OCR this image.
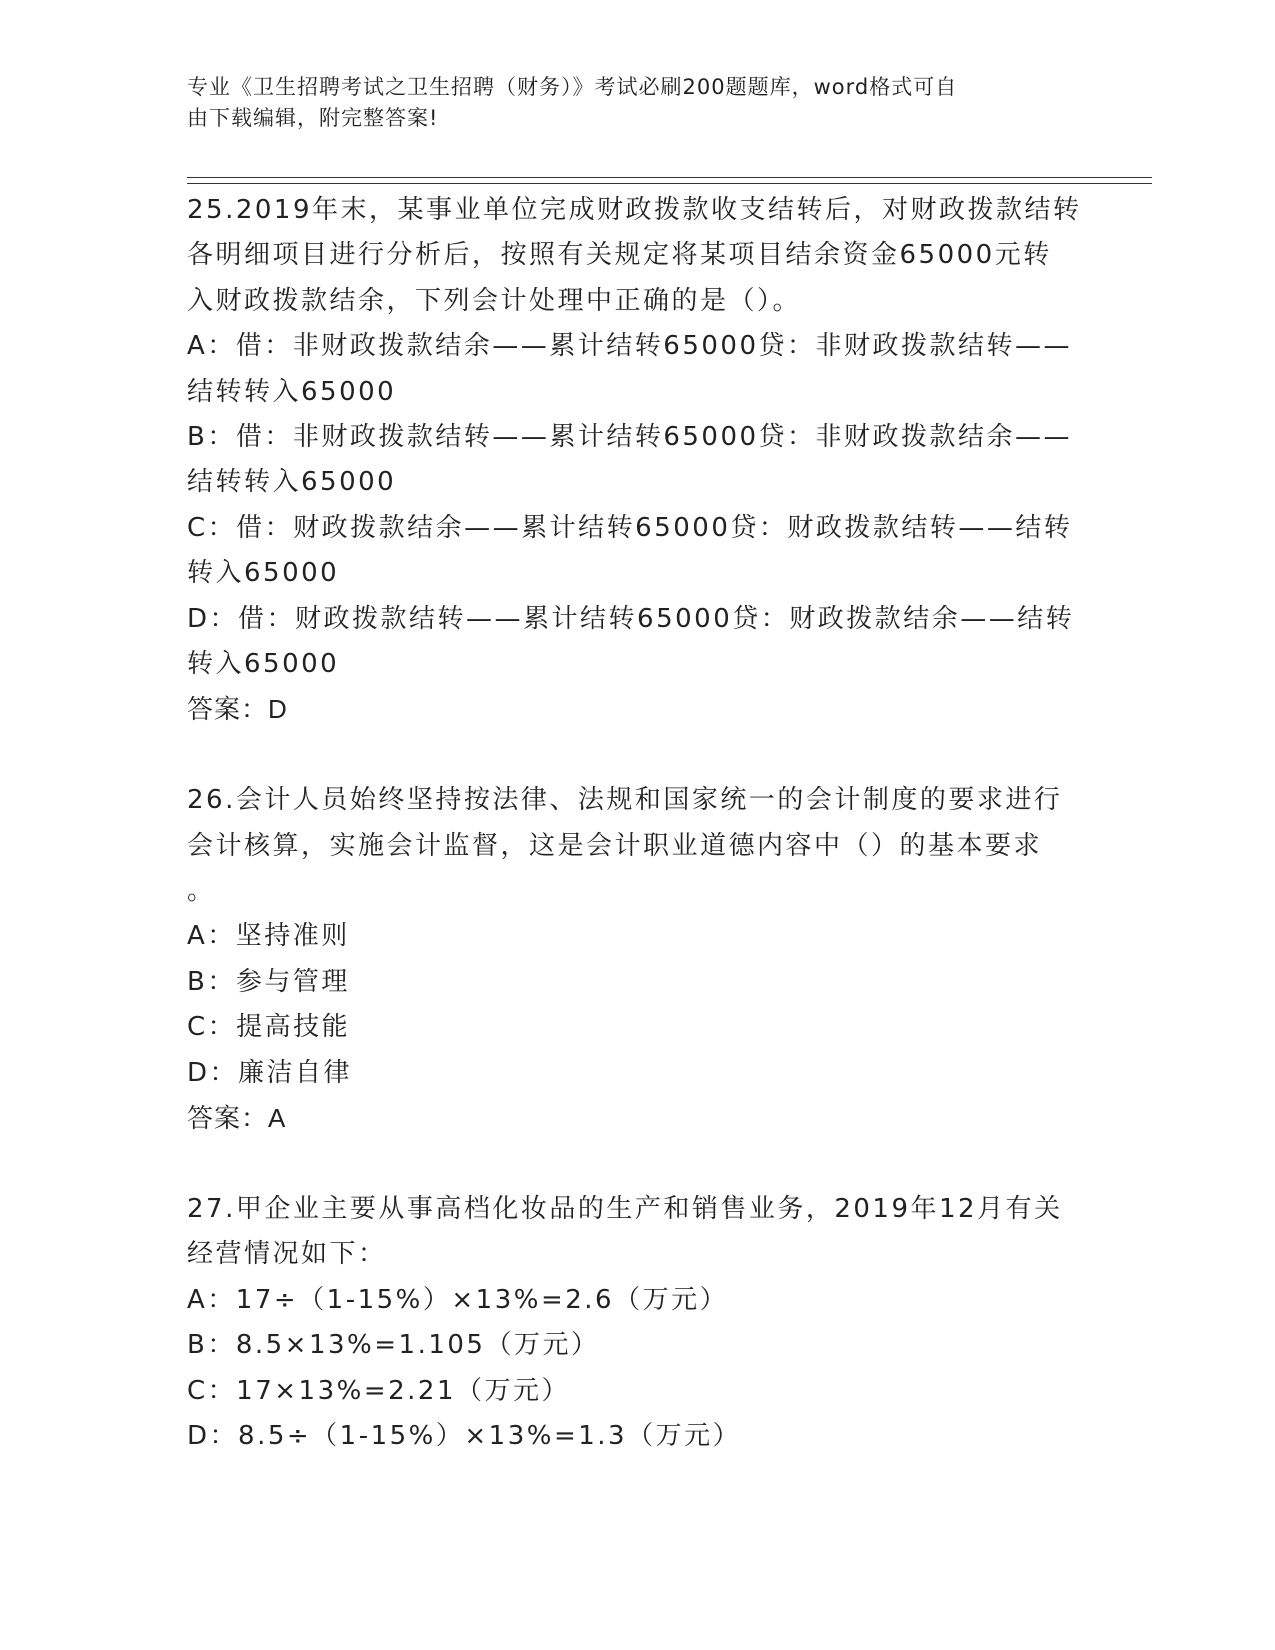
专业《卫生招聘考试之卫生招聘（财务）》考试必刷200题题库，word格式可自
由下载编辑，附完整答案!

25.2019年末，某事业单位完成财政拨款收支结转后，对财政拨款结转

各明细项目进行分析后，按照有关规定将某项目结余资金65000元转

入财政拨款结余，下列会计处理中正确的是（）。

A：借：非财政拨款结余——累计结转65000贷：非财政拨款结转——

结转转入65000

B：借：非财政拨款结转——累计结转65000贷：非财政拨款结余——

结转转入65000

C：借：财政拨款结余——累计结转65000贷：财政拨款结转——结转

转入65000

D：借：财政拨款结转——累计结转65000贷：财政拨款结余——结转

转入65000

答案：D

26.会计人员始终坚持按法律、法规和国家统一的会计制度的要求进行

会计核算，实施会计监督，这是会计职业道德内容中（）的基本要求

。

A：坚持准则

B：参与管理

C：提高技能

D：廉洁自律

答案：A

27.甲企业主要从事高档化妆品的生产和销售业务，2019年12月有关

经营情况如下：

A：17÷（1-15%）×13%=2.6（万元）

B：8.5×13%=1.105（万元）

C：17×13%=2.21（万元）

D：8.5÷（1-15%）×13%=1.3（万元）
